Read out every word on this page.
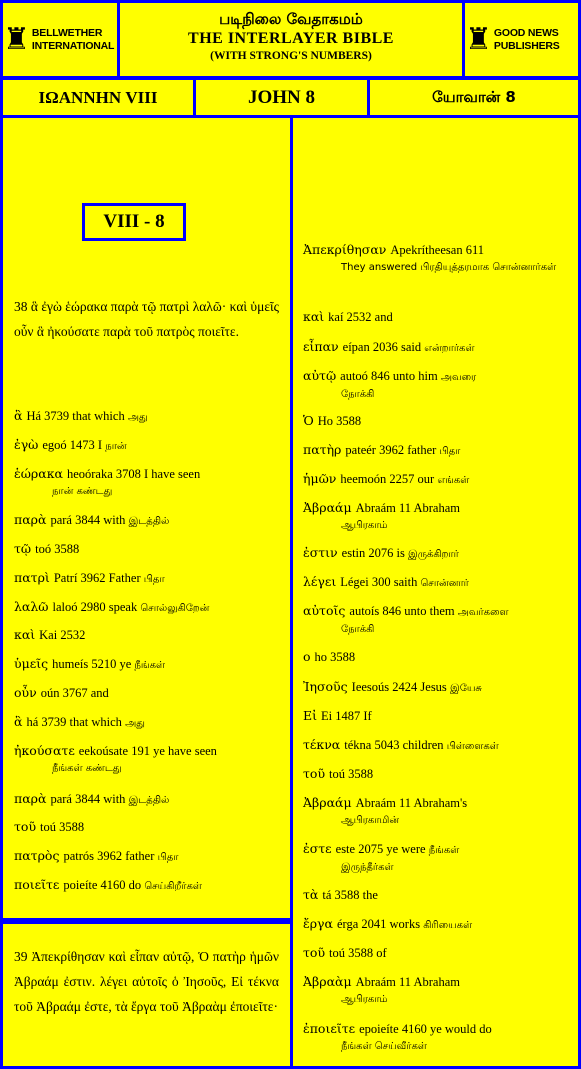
♜ BELLWETHER INTERNATIONAL
படிநிலை வேதாகமம்
THE INTERLAYER BIBLE
(WITH STRONG'S NUMBERS)	♜ GOOD NEWS PUBLISHERS
ΙΩΑΝΝΗΝ VIII	JOHN 8	யோவான் 8
VIII - 8
38 ἃ ἐγὼ ἑώρακα παρὰ τῷ πατρὶ λαλῶ· καὶ ὑμεῖς οὖν ἃ ἠκούσατε παρὰ τοῦ πατρὸς ποιεῖτε.
39 Ἀπεκρίθησαν καὶ εἶπαν αὐτῷ, Ὁ πατὴρ ἡμῶν Ἀβραάμ ἐστιν. λέγει αὐτοῖς ὁ Ἰησοῦς, Εἰ τέκνα τοῦ Ἀβραάμ ἐστε, τὰ ἔργα τοῦ Ἀβραὰμ ἐποιεῖτε·
ἃ Há 3739 that which அது
ἐγὼ egoó 1473 I நான்
ἑώρακα heoóraka 3708 I have seen
நான் கண்டது
παρὰ pará 3844 with இடத்தில்
τῷ toó 3588
πατρὶ Patrí 3962 Father பிதா
λαλῶ laloó 2980 speak சொல்லுகிறேன்
καὶ Kai 2532
ὑμεῖς humeís 5210 ye நீங்கள்
οὖν oún 3767 and
ἃ há 3739 that which அது
ἠκούσατε eekoúsate 191 ye have seen
நீங்கள் கண்டது
παρὰ pará 3844 with இடத்தில்
τοῦ toú 3588
πατρὸς patrós 3962 father பிதா
ποιεῖτε poieíte 4160 do செய்கிறீர்கள்
Ἀπεκρίθησαν Apekrítheesan 611
They answered பிரதியுத்தரமாக சொன்னார்கள்
καὶ kaí 2532 and
εἶπαν eípan 2036 said என்றார்கள்
αὐτῷ autoó 846 unto him அவரை
நோக்கி
Ὁ Ho 3588
πατὴρ pateér 3962 father பிதா
ἡμῶν heemoón 2257 our எங்கள்
Ἀβραάμ Abraám 11 Abraham
ஆபிரகாம்
ἐστιν estin 2076 is இருக்கிறார்
λέγει Légei 300 saith சொன்னார்
αὐτοῖς autoís 846 unto them அவர்களை
நோக்கி
ο ho 3588
Ἰησοῦς Ieesoús 2424 Jesus இயேசு
Εἰ Ei 1487 If
τέκνα tékna 5043 children பிள்ளைகள்
τοῦ toú 3588
Ἀβραάμ Abraám 11 Abraham's
ஆபிரகாமின்
ἐστε este 2075 ye were நீங்கள்
இருந்தீர்கள்
τὰ tá 3588 the
ἔργα érga 2041 works கிரியைகள்
τοῦ toú 3588 of
Ἀβραὰμ Abraám 11 Abraham
ஆபிரகாம்
ἐποιεῖτε epoieíte 4160 ye would do
நீங்கள் செய்வீர்கள்
